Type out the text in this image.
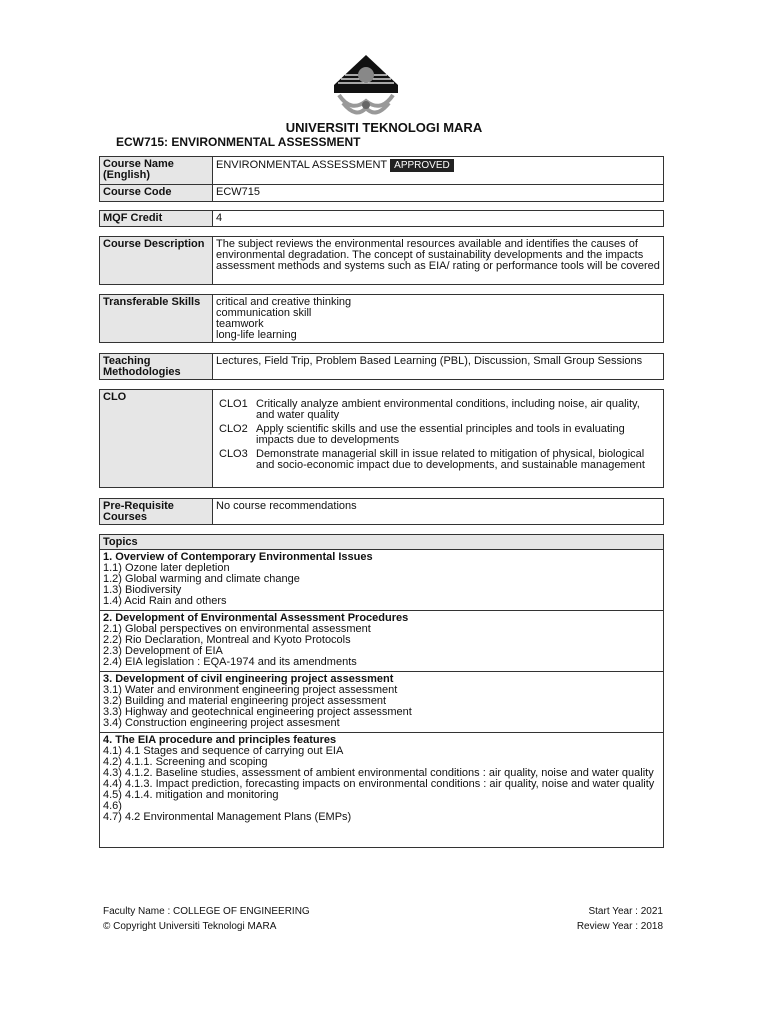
UNIVERSITI TEKNOLOGI MARA
ECW715: ENVIRONMENTAL ASSESSMENT
Course Name (English)	ENVIRONMENTAL ASSESSMENT APPROVED
Course Code	ECW715
MQF Credit	4
Course Description	The subject reviews the environmental resources available and identifies the causes of environmental degradation. The concept of sustainability developments and the impacts assessment methods and systems such as EIA/ rating or performance tools will be covered
Transferable Skills	critical and creative thinking
communication skill
teamwork
long-life learning
Teaching Methodologies	Lectures, Field Trip, Problem Based Learning (PBL), Discussion, Small Group Sessions
CLO	
CLO1 Critically analyze ambient environmental conditions, including noise, air quality, and water quality
CLO2 Apply scientific skills and use the essential principles and tools in evaluating impacts due to developments
CLO3 Demonstrate managerial skill in issue related to mitigation of physical, biological and socio-economic impact due to developments, and sustainable management
Pre-Requisite Courses	No course recommendations
Topics

1. Overview of Contemporary Environmental Issues
1.1) Ozone later depletion
1.2) Global warming and climate change
1.3) Biodiversity
1.4) Acid Rain and others

2. Development of Environmental Assessment Procedures
2.1) Global perspectives on environmental assessment
2.2) Rio Declaration, Montreal and Kyoto Protocols
2.3) Development of EIA
2.4) EIA legislation : EQA-1974 and its amendments

3. Development of civil engineering project assessment
3.1) Water and environment engineering project assessment
3.2) Building and material engineering project assessment
3.3) Highway and geotechnical engineering project assessment
3.4) Construction engineering project assesment

4. The EIA procedure and principles features
4.1) 4.1 Stages and sequence of carrying out EIA
4.2) 4.1.1. Screening and scoping
4.3) 4.1.2. Baseline studies, assessment of ambient environmental conditions : air quality, noise and water quality
4.4) 4.1.3. Impact prediction, forecasting impacts on environmental conditions : air quality, noise and water quality
4.5) 4.1.4. mitigation and monitoring
4.6)
4.7) 4.2 Environmental Management Plans (EMPs)
Faculty Name : COLLEGE OF ENGINEERING
© Copyright Universiti Teknologi MARA
Start Year : 2021
Review Year : 2018
